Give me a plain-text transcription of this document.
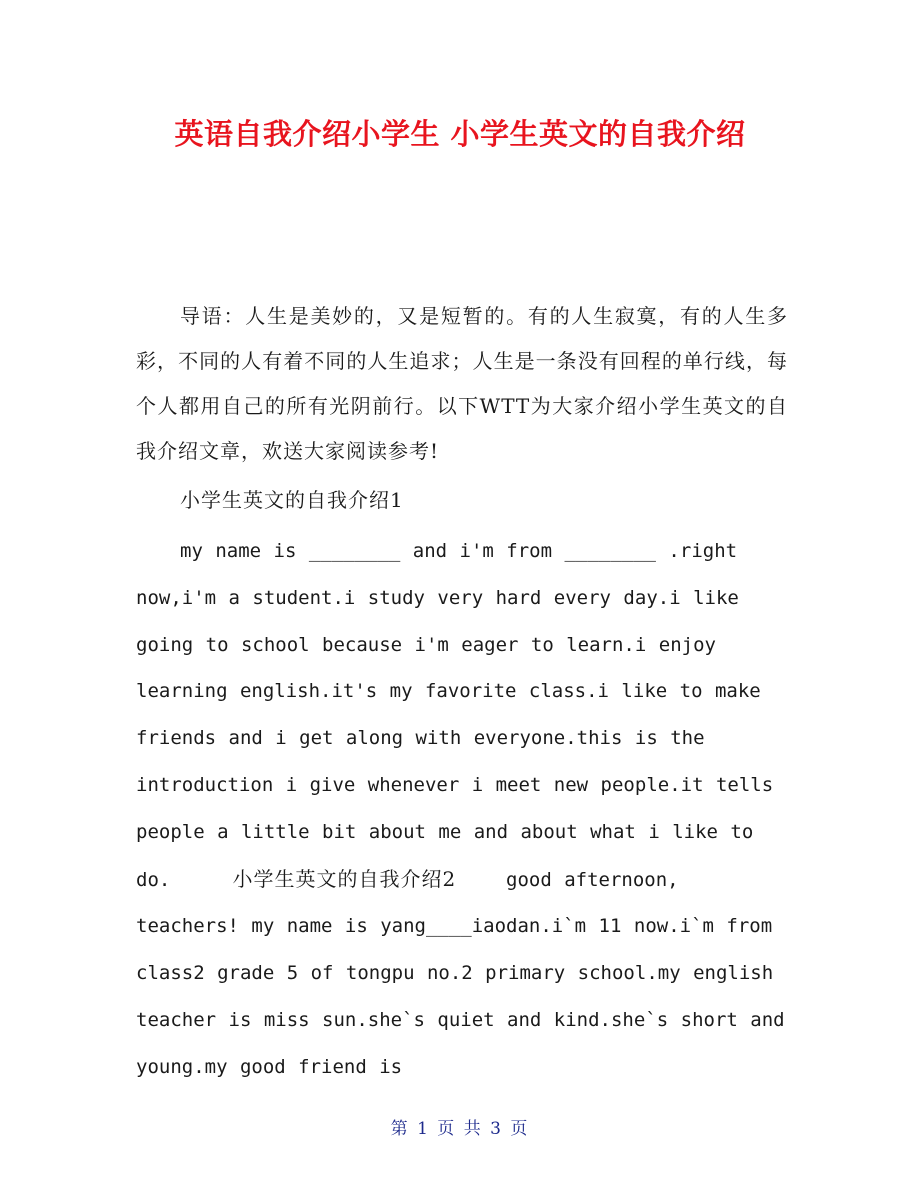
英语自我介绍小学生 小学生英文的自我介绍

导语：人生是美妙的，又是短暂的。有的人生寂寞，有的人生多彩，不同的人有着不同的人生追求；人生是一条没有回程的单行线，每个人都用自己的所有光阴前行。以下WTT为大家介绍小学生英文的自我介绍文章，欢送大家阅读参考!

小学生英文的自我介绍1

my name is ________ and i'm from ________ .right now,i'm a student.i study very hard every day.i like going to school because i'm eager to learn.i enjoy learning english.it's my favorite class.i like to make friends and i get along with everyone.this is the introduction i give whenever i meet new people.it tells people a little bit about me and about what i like to do.	小学生英文的自我介绍2	good afternoon, teachers! my name is yang____iaodan.i`m 11 now.i`m from class2 grade 5 of tongpu no.2 primary school.my english teacher is miss sun.she`s quiet and kind.she`s short and young.my good friend is

第 1 页 共 3 页
